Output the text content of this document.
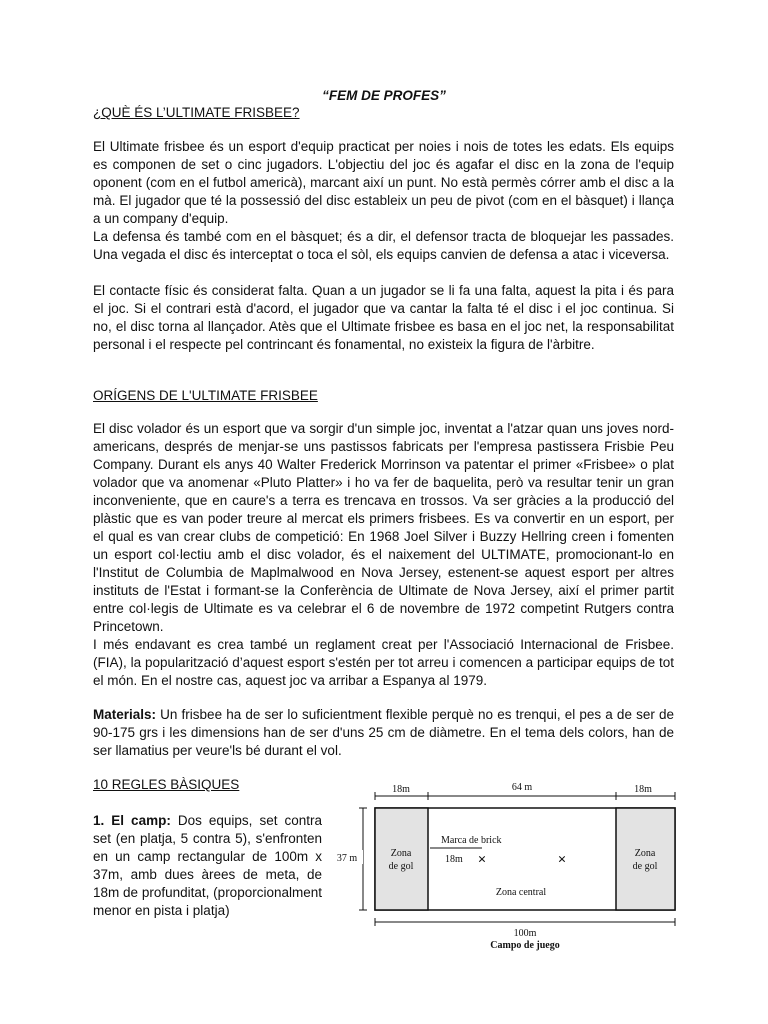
“FEM DE PROFES”

¿QUÈ ÉS L’ULTIMATE FRISBEE?

El Ultimate frisbee és un esport d'equip practicat per noies i nois de totes les edats. Els equips es componen de set o cinc jugadors. L'objectiu del joc és agafar el disc en la zona de l'equip oponent (com en el futbol americà), marcant així un punt. No està permès córrer amb el disc a la mà. El jugador que té la possessió del disc estableix un peu de pivot (com en el bàsquet) i llança a un company d'equip.

La defensa és també com en el bàsquet; és a dir, el defensor tracta de bloquejar les passades. Una vegada el disc és interceptat o toca el sòl, els equips canvien de defensa a atac i viceversa.

El contacte físic és considerat falta. Quan a un jugador se li fa una falta, aquest la pita i és para el joc. Si el contrari està d'acord, el jugador que va cantar la falta té el disc i el joc continua. Si no, el disc torna al llançador. Atès que el Ultimate frisbee es basa en el joc net, la responsabilitat personal i el respecte pel contrincant és fonamental, no existeix la figura de l'àrbitre.

ORÍGENS DE L'ULTIMATE FRISBEE

El disc volador és un esport que va sorgir d'un simple joc, inventat a l'atzar quan uns joves nord-americans, després de menjar-se uns pastissos fabricats per l'empresa pastissera Frisbie Peu Company. Durant els anys 40 Walter Frederick Morrinson va patentar el primer «Frisbee» o plat volador que va anomenar «Pluto Platter» i ho va fer de baquelita, però va resultar tenir un gran inconveniente, que en caure's a terra es trencava en trossos. Va ser gràcies a la producció del plàstic que es van poder treure al mercat els primers frisbees. Es va convertir en un esport, per el qual es van crear clubs de competició: En 1968 Joel Silver i Buzzy Hellring creen i fomenten un esport col·lectiu amb el disc volador, és el naixement del ULTIMATE, promocionant-lo en l'Institut de Columbia de Maplmalwood en Nova Jersey, estenent-se aquest esport per altres instituts de l'Estat i formant-se la Conferència de Ultimate de Nova Jersey, així el primer partit entre col·legis de Ultimate es va celebrar el 6 de novembre de 1972 competint Rutgers contra Princetown.

I més endavant es crea també un reglament creat per l'Associació Internacional de Frisbee. (FIA), la popularització d’aquest esport s'estén per tot arreu i comencen a participar equips de tot el món. En el nostre cas, aquest joc va arribar a Espanya al 1979.

Materials: Un frisbee ha de ser lo suficientment flexible perquè no es trenqui, el pes a de ser de 90-175 grs i les dimensions han de ser d'uns 25 cm de diàmetre. En el tema dels colors, han de ser llamatius per veure'ls bé durant el vol.

10 REGLES BÀSIQUES

1. El camp: Dos equips, set contra set (en platja, 5 contra 5), s'enfronten en un camp rectangular de 100m x 37m, amb dues àrees de meta, de 18m de profunditat, (proporcionalment menor en pista i platja)

18m	64 m	18m
37 m	Zona
de gol
Zona
de gol
Marca de brick
18m ×	×
Zona central
100m
Campo de juego
